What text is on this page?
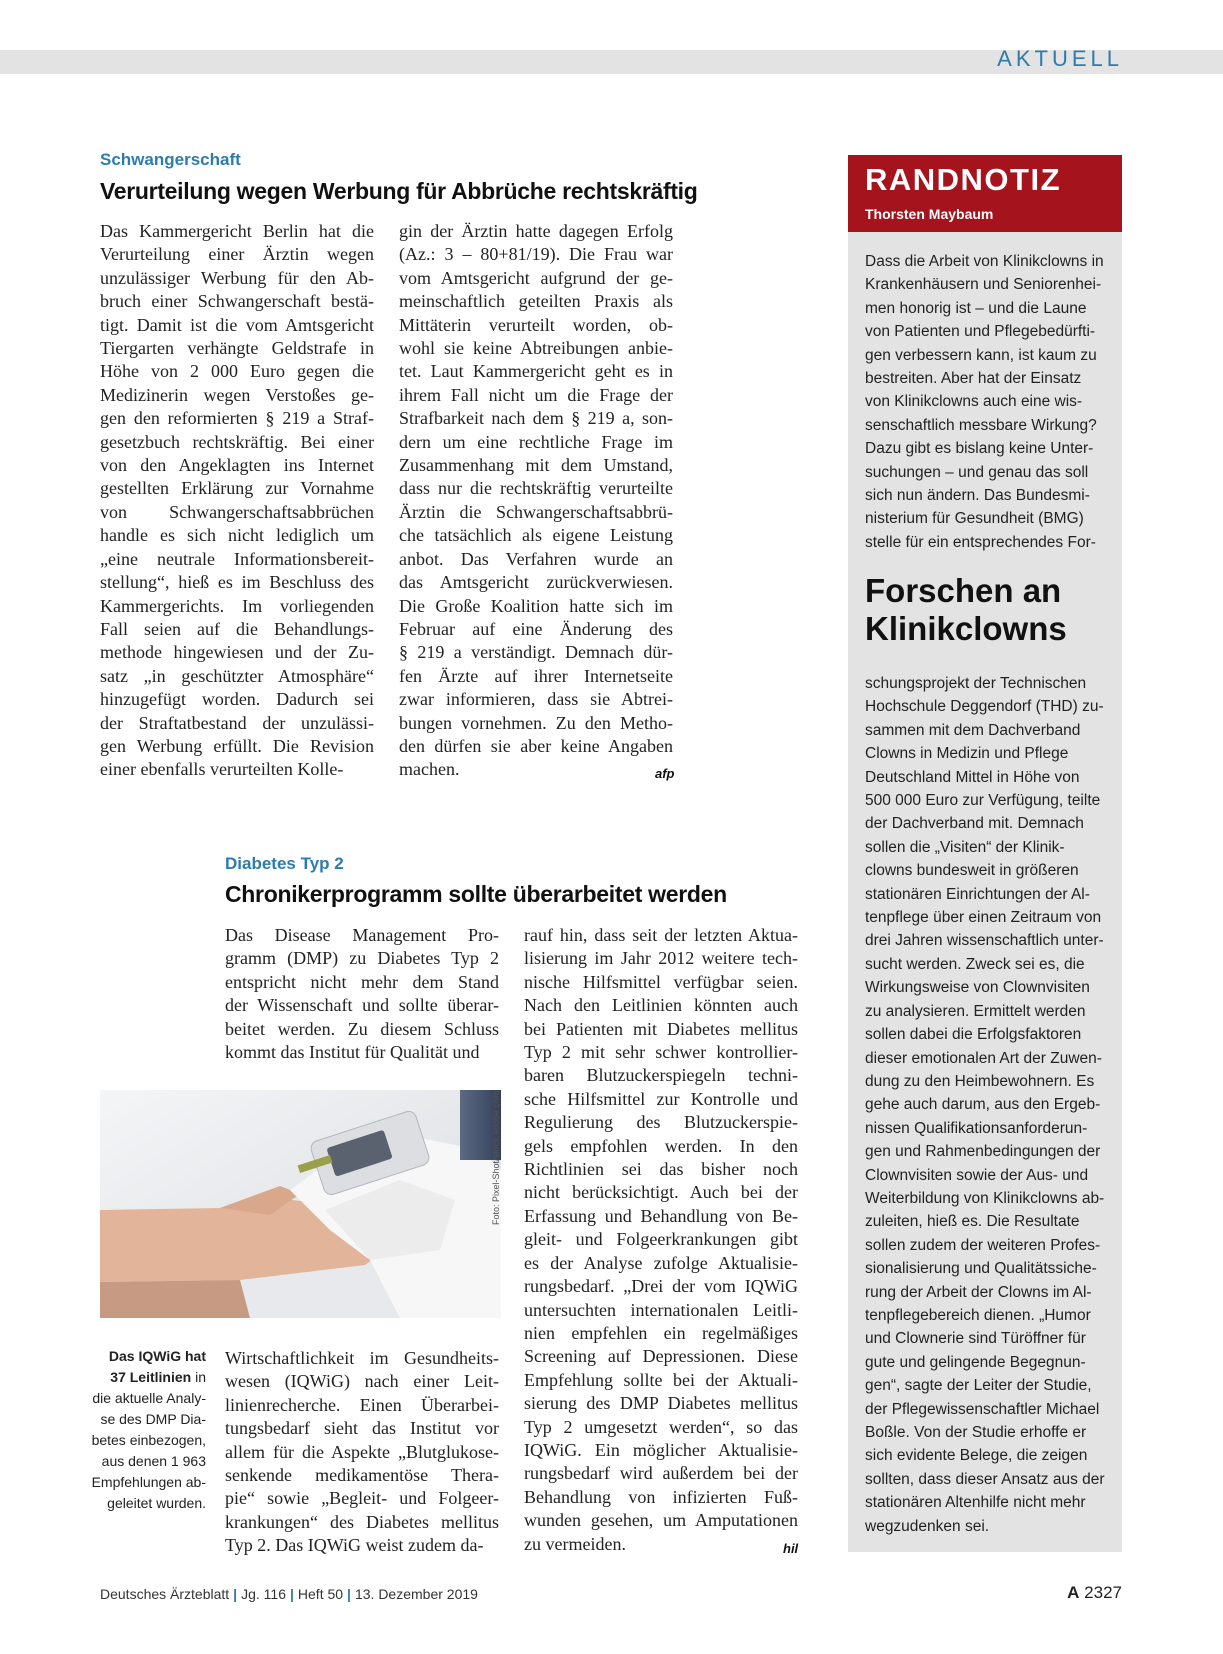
AKTUELL
Schwangerschaft
Verurteilung wegen Werbung für Abbrüche rechtskräftig

Das Kammergericht Berlin hat die

Verurteilung einer Ärztin wegen

unzulässiger Werbung für den Ab-

bruch einer Schwangerschaft bestä-

tigt. Damit ist die vom Amtsgericht

Tiergarten verhängte Geldstrafe in

Höhe von 2 000 Euro gegen die

Medizinerin wegen Verstoßes ge-

gen den reformierten § 219 a Straf-

gesetzbuch rechtskräftig. Bei einer

von den Angeklagten ins Internet

gestellten Erklärung zur Vornahme

von Schwangerschaftsabbrüchen

handle es sich nicht lediglich um

„eine neutrale Informationsbereit-

stellung“, hieß es im Beschluss des

Kammergerichts. Im vorliegenden

Fall seien auf die Behandlungs-

methode hingewiesen und der Zu-

satz „in geschützter Atmosphäre“

hinzugefügt worden. Dadurch sei

der Straftatbestand der unzulässi-

gen Werbung erfüllt. Die Revision

einer ebenfalls verurteilten Kolle-

gin der Ärztin hatte dagegen Erfolg

(Az.: 3 – 80+81/19). Die Frau war

vom Amtsgericht aufgrund der ge-

meinschaftlich geteilten Praxis als

Mittäterin verurteilt worden, ob-

wohl sie keine Abtreibungen anbie-

tet. Laut Kammergericht geht es in

ihrem Fall nicht um die Frage der

Strafbarkeit nach dem § 219 a, son-

dern um eine rechtliche Frage im

Zusammenhang mit dem Umstand,

dass nur die rechtskräftig verurteilte

Ärztin die Schwangerschaftsabbrü-

che tatsächlich als eigene Leistung

anbot. Das Verfahren wurde an

das Amtsgericht zurückverwiesen.

Die Große Koalition hatte sich im

Februar auf eine Änderung des

§ 219 a verständigt. Demnach dür-

fen Ärzte auf ihrer Internetseite

zwar informieren, dass sie Abtrei-

bungen vornehmen. Zu den Metho-

den dürfen sie aber keine Angaben

machen.	afp
Diabetes Typ 2
Chronikerprogramm sollte überarbeitet werden

Das Disease Management Pro-

gramm (DMP) zu Diabetes Typ 2

entspricht nicht mehr dem Stand

der Wissenschaft und sollte überar-

beitet werden. Zu diesem Schluss

kommt das Institut für Qualität und

Foto: Pixel-Shot/stock.adobe.com
Das IQWiG hat
37 Leitlinien in
die aktuelle Analy-
se des DMP Dia-
betes einbezogen,
aus denen 1 963
Empfehlungen ab-
geleitet wurden.

Wirtschaftlichkeit im Gesundheits-

wesen (IQWiG) nach einer Leit-

linienrecherche. Einen Überarbei-

tungsbedarf sieht das Institut vor

allem für die Aspekte „Blutglukose-

senkende medikamentöse Thera-

pie“ sowie „Begleit- und Folgeer-

krankungen“ des Diabetes mellitus

Typ 2. Das IQWiG weist zudem da-

rauf hin, dass seit der letzten Aktua-

lisierung im Jahr 2012 weitere tech-

nische Hilfsmittel verfügbar seien.

Nach den Leitlinien könnten auch

bei Patienten mit Diabetes mellitus

Typ 2 mit sehr schwer kontrollier-

baren Blutzuckerspiegeln techni-

sche Hilfsmittel zur Kontrolle und

Regulierung des Blutzuckerspie-

gels empfohlen werden. In den

Richtlinien sei das bisher noch

nicht berücksichtigt. Auch bei der

Erfassung und Behandlung von Be-

gleit- und Folgeerkrankungen gibt

es der Analyse zufolge Aktualisie-

rungsbedarf. „Drei der vom IQWiG

untersuchten internationalen Leitli-

nien empfehlen ein regelmäßiges

Screening auf Depressionen. Diese

Empfehlung sollte bei der Aktuali-

sierung des DMP Diabetes mellitus

Typ 2 umgesetzt werden“, so das

IQWiG. Ein möglicher Aktualisie-

rungsbedarf wird außerdem bei der

Behandlung von infizierten Fuß-

wunden gesehen, um Amputationen

zu vermeiden.	hil
RANDNOTIZ
Thorsten Maybaum

Dass die Arbeit von Klinikclowns in

Krankenhäusern und Seniorenhei-

men honorig ist – und die Laune

von Patienten und Pflegebedürfti-

gen verbessern kann, ist kaum zu

bestreiten. Aber hat der Einsatz

von Klinikclowns auch eine wis-

senschaftlich messbare Wirkung?

Dazu gibt es bislang keine Unter-

suchungen – und genau das soll

sich nun ändern. Das Bundesmi-

nisterium für Gesundheit (BMG)

stelle für ein entsprechendes For-

Forschen an

Klinikclowns

schungsprojekt der Technischen

Hochschule Deggendorf (THD) zu-

sammen mit dem Dachverband

Clowns in Medizin und Pflege

Deutschland Mittel in Höhe von

500 000 Euro zur Verfügung, teilte

der Dachverband mit. Demnach

sollen die „Visiten“ der Klinik-

clowns bundesweit in größeren

stationären Einrichtungen der Al-

tenpflege über einen Zeitraum von

drei Jahren wissenschaftlich unter-

sucht werden. Zweck sei es, die

Wirkungsweise von Clownvisiten

zu analysieren. Ermittelt werden

sollen dabei die Erfolgsfaktoren

dieser emotionalen Art der Zuwen-

dung zu den Heimbewohnern. Es

gehe auch darum, aus den Ergeb-

nissen Qualifikationsanforderun-

gen und Rahmenbedingungen der

Clownvisiten sowie der Aus- und

Weiterbildung von Klinikclowns ab-

zuleiten, hieß es. Die Resultate

sollen zudem der weiteren Profes-

sionalisierung und Qualitätssiche-

rung der Arbeit der Clowns im Al-

tenpflegebereich dienen. „Humor

und Clownerie sind Türöffner für

gute und gelingende Begegnun-

gen“, sagte der Leiter der Studie,

der Pflegewissenschaftler Michael

Boßle. Von der Studie erhoffe er

sich evidente Belege, die zeigen

sollten, dass dieser Ansatz aus der

stationären Altenhilfe nicht mehr

wegzudenken sei.

Deutsches Ärzteblatt | Jg. 116 | Heft 50 | 13. Dezember 2019	A 2327
